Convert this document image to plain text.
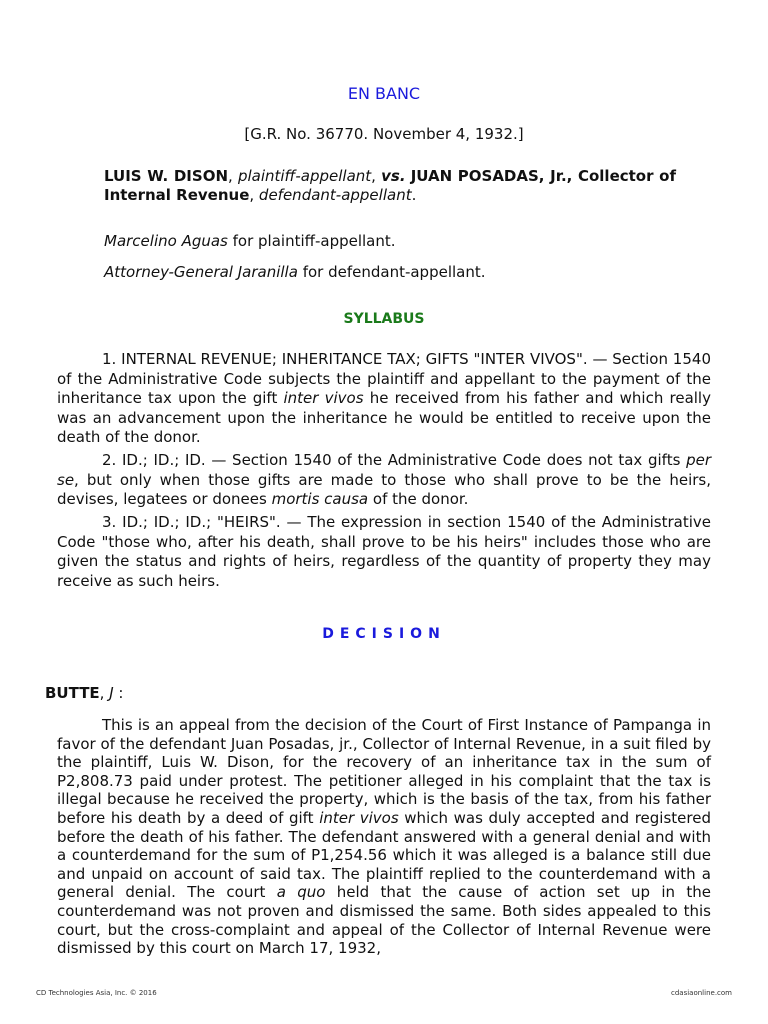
EN BANC
[G.R. No. 36770. November 4, 1932.]
LUIS W. DISON, plaintiff-appellant, vs. JUAN POSADAS, Jr., Collector of Internal Revenue, defendant-appellant.
Marcelino Aguas for plaintiff-appellant.
Attorney-General Jaranilla for defendant-appellant.
SYLLABUS
1. INTERNAL REVENUE; INHERITANCE TAX; GIFTS "INTER VIVOS". — Section 1540 of the Administrative Code subjects the plaintiff and appellant to the payment of the inheritance tax upon the gift inter vivos he received from his father and which really was an advancement upon the inheritance he would be entitled to receive upon the death of the donor.
2. ID.; ID.; ID. — Section 1540 of the Administrative Code does not tax gifts per se, but only when those gifts are made to those who shall prove to be the heirs, devises, legatees or donees mortis causa of the donor.
3. ID.; ID.; ID.; "HEIRS". — The expression in section 1540 of the Administrative Code "those who, after his death, shall prove to be his heirs" includes those who are given the status and rights of heirs, regardless of the quantity of property they may receive as such heirs.
DECISION
BUTTE, J :
This is an appeal from the decision of the Court of First Instance of Pampanga in favor of the defendant Juan Posadas, jr., Collector of Internal Revenue, in a suit filed by the plaintiff, Luis W. Dison, for the recovery of an inheritance tax in the sum of P2,808.73 paid under protest. The petitioner alleged in his complaint that the tax is illegal because he received the property, which is the basis of the tax, from his father before his death by a deed of gift inter vivos which was duly accepted and registered before the death of his father. The defendant answered with a general denial and with a counterdemand for the sum of P1,254.56 which it was alleged is a balance still due and unpaid on account of said tax. The plaintiff replied to the counterdemand with a general denial. The court a quo held that the cause of action set up in the counterdemand was not proven and dismissed the same. Both sides appealed to this court, but the cross-complaint and appeal of the Collector of Internal Revenue were dismissed by this court on March 17, 1932,
CD Technologies Asia, Inc. © 2016	cdasiaonline.com
